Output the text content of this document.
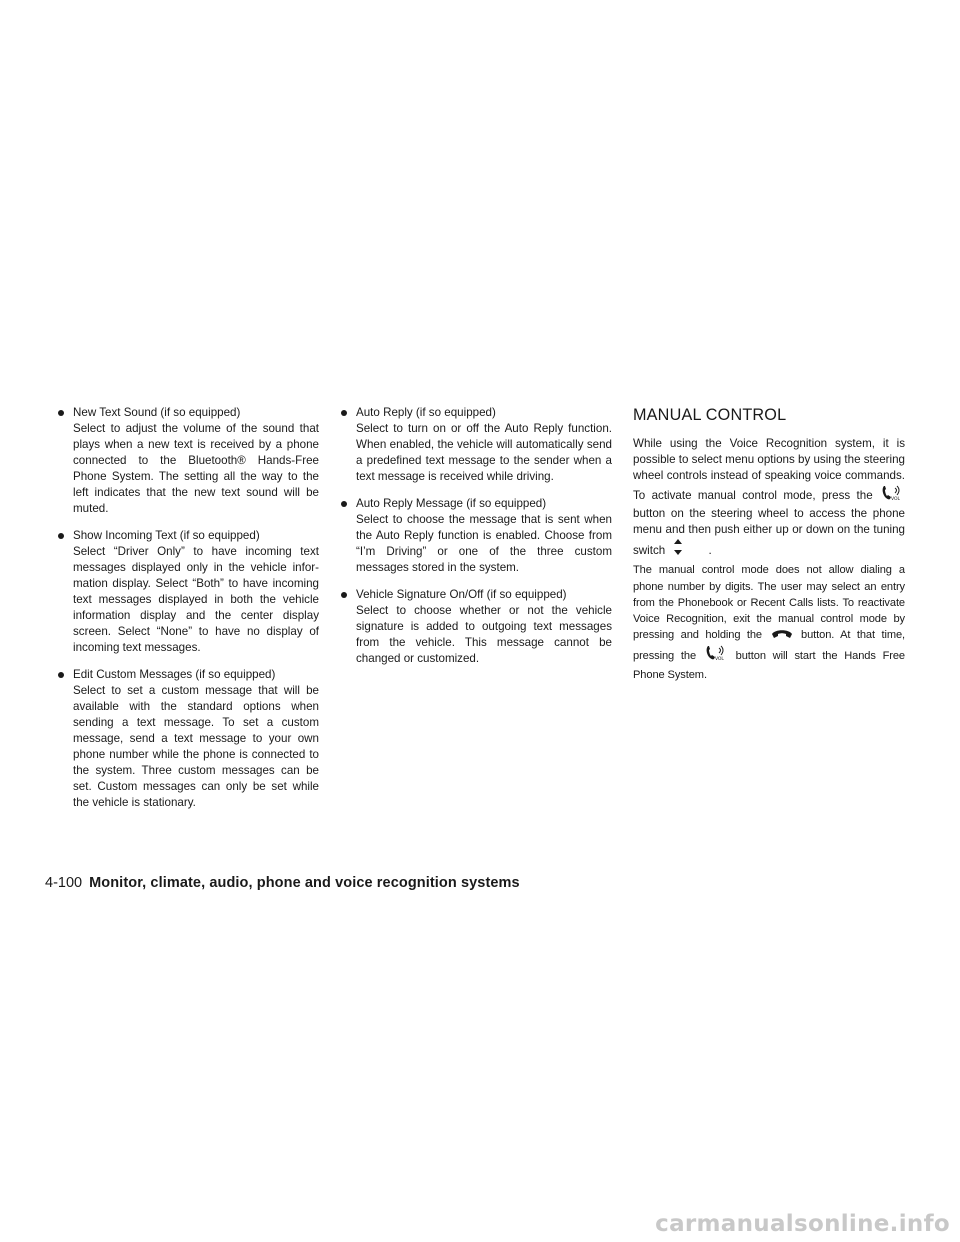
New Text Sound (if so equipped)
Select to adjust the volume of the sound that plays when a new text is received by a phone connected to the Bluetooth® Hands-Free Phone System. The setting all the way to the left indicates that the new text sound will be muted.
Show Incoming Text (if so equipped)
Select “Driver Only” to have incoming text messages displayed only in the vehicle information display. Select “Both” to have incoming text messages displayed in both the vehicle information display and the center display screen. Select “None” to have no display of incoming text messages.
Edit Custom Messages (if so equipped)
Select to set a custom message that will be available with the standard options when sending a text message. To set a custom message, send a text message to your own phone number while the phone is connected to the system. Three custom messages can be set. Custom messages can only be set while the vehicle is stationary.
Auto Reply (if so equipped)
Select to turn on or off the Auto Reply function. When enabled, the vehicle will automatically send a predefined text message to the sender when a text message is received while driving.
Auto Reply Message (if so equipped)
Select to choose the message that is sent when the Auto Reply function is enabled. Choose from “I’m Driving” or one of the three custom messages stored in the system.
Vehicle Signature On/Off (if so equipped)
Select to choose whether or not the vehicle signature is added to outgoing text messages from the vehicle. This message cannot be changed or customized.
MANUAL CONTROL

While using the Voice Recognition system, it is possible to select menu options by using the steering wheel controls instead of speaking voice commands. To activate manual control mode, press the	VOL
button on the steering wheel to access the phone menu and then push either up or down on the tuning switch	.

The manual control mode does not allow dialing a phone number by digits. The user may select an entry from the Phonebook or Recent Calls lists. To reactivate Voice Recognition, exit the manual control mode by pressing and holding the	button. At that time, pressing the	VOL button will start the Hands Free Phone System.

4-100 Monitor, climate, audio, phone and voice recognition systems
carmanualsonline.info
